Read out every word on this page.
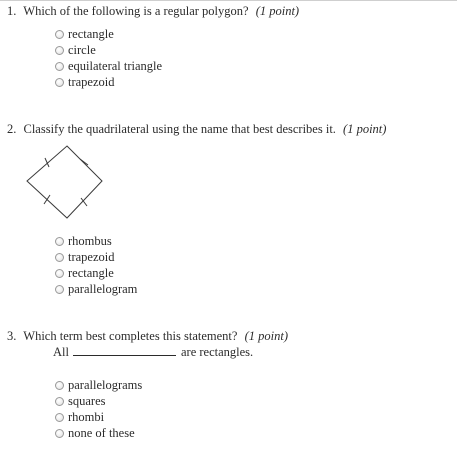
1. Which of the following is a regular polygon? (1 point)
rectangle
circle
equilateral triangle
trapezoid
2. Classify the quadrilateral using the name that best describes it. (1 point)
rhombus
trapezoid
rectangle
parallelogram
3. Which term best completes this statement? (1 point)
All	are rectangles.
parallelograms
squares
rhombi
none of these
